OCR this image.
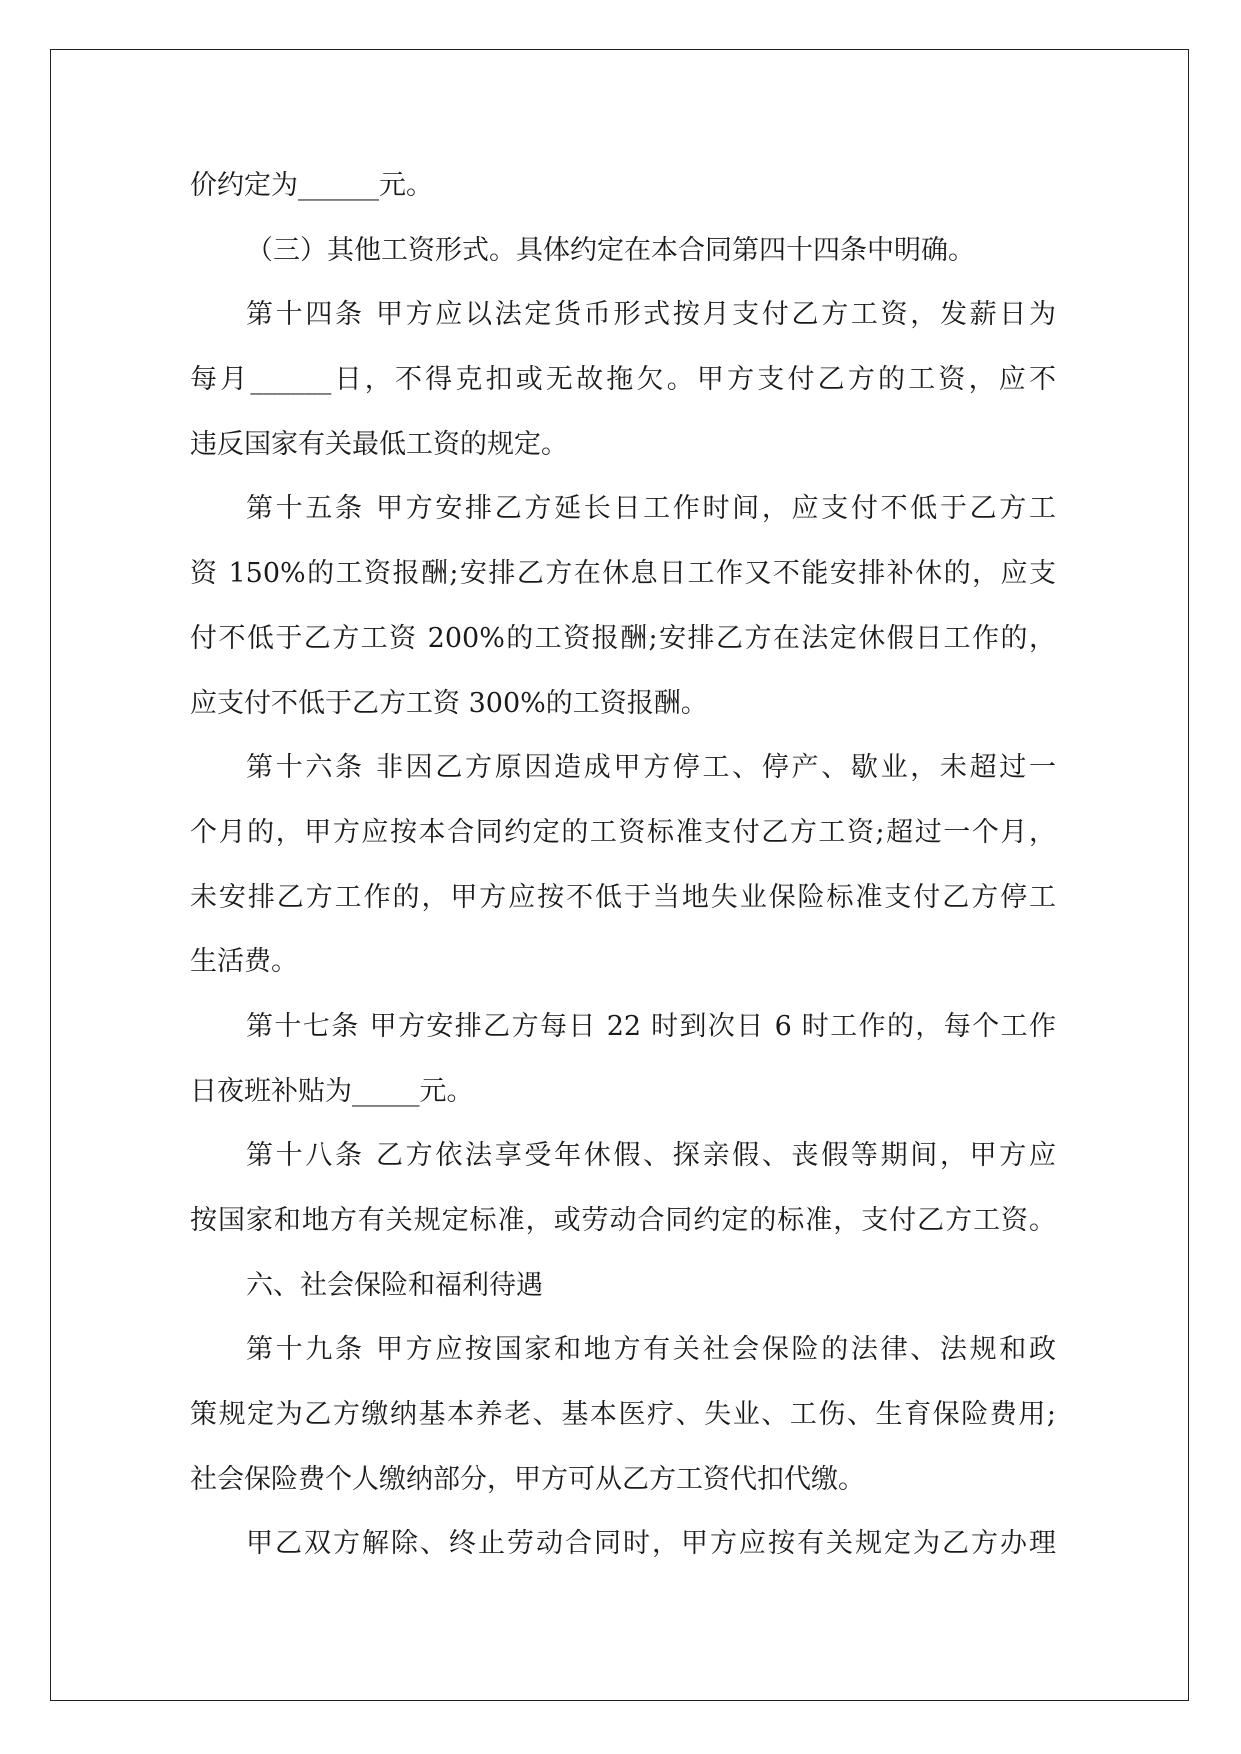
价约定为______元。
（三）其他工资形式。具体约定在本合同第四十四条中明确。
第十四条 甲方应以法定货币形式按月支付乙方工资，发薪日为
每月______日，不得克扣或无故拖欠。甲方支付乙方的工资，应不
违反国家有关最低工资的规定。
第十五条 甲方安排乙方延长日工作时间，应支付不低于乙方工
资 150%的工资报酬;安排乙方在休息日工作又不能安排补休的，应支
付不低于乙方工资 200%的工资报酬;安排乙方在法定休假日工作的，
应支付不低于乙方工资 300%的工资报酬。
第十六条 非因乙方原因造成甲方停工、停产、歇业，未超过一
个月的，甲方应按本合同约定的工资标准支付乙方工资;超过一个月，
未安排乙方工作的，甲方应按不低于当地失业保险标准支付乙方停工
生活费。
第十七条 甲方安排乙方每日 22 时到次日 6 时工作的，每个工作
日夜班补贴为_____元。
第十八条 乙方依法享受年休假、探亲假、丧假等期间，甲方应
按国家和地方有关规定标准，或劳动合同约定的标准，支付乙方工资。
六、社会保险和福利待遇
第十九条 甲方应按国家和地方有关社会保险的法律、法规和政
策规定为乙方缴纳基本养老、基本医疗、失业、工伤、生育保险费用;
社会保险费个人缴纳部分，甲方可从乙方工资代扣代缴。
甲乙双方解除、终止劳动合同时，甲方应按有关规定为乙方办理
